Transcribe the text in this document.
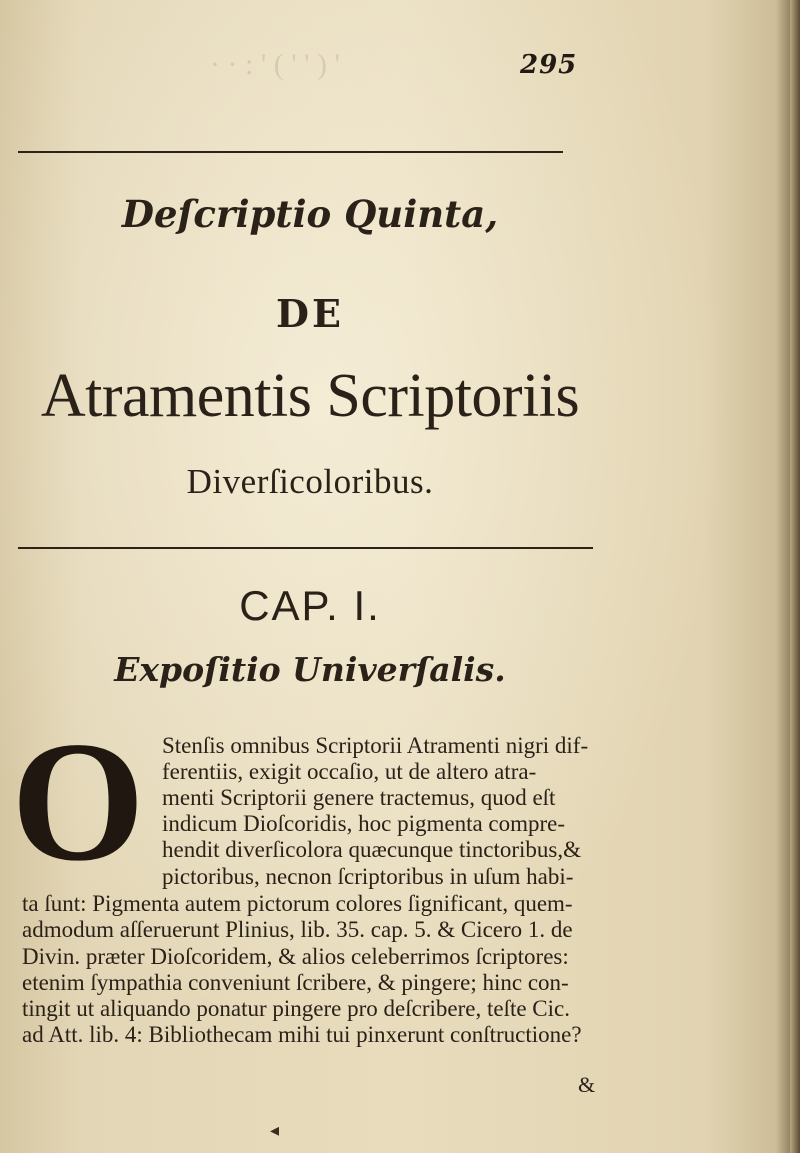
· · : ' ( ' ' ) '	295
Deſcriptio Quinta,
DE
Atramentis Scriptoriis
Diverſicoloribus.
CAP. I.
Expoſitio Univerſalis.
O Stenſis omnibus Scriptorii Atramenti nigri dif-
ferentiis, exigit occaſio, ut de altero atra-
menti Scriptorii genere tractemus, quod eſt
indicum Dioſcoridis, hoc pigmenta compre-
hendit diverſicolora quæcunque tinctoribus,&
pictoribus, necnon ſcriptoribus in uſum habi-
ta ſunt: Pigmenta autem pictorum colores ſignificant, quem-
admodum aſſeruerunt Plinius, lib. 35. cap. 5. & Cicero 1. de
Divin. præter Dioſcoridem, & alios celeberrimos ſcriptores:
etenim ſympathia conveniunt ſcribere, & pingere; hinc con-
tingit ut aliquando ponatur pingere pro deſcribere, teſte Cic.
ad Att. lib. 4: Bibliothecam mihi tui pinxerunt conſtructione?
&
◂
